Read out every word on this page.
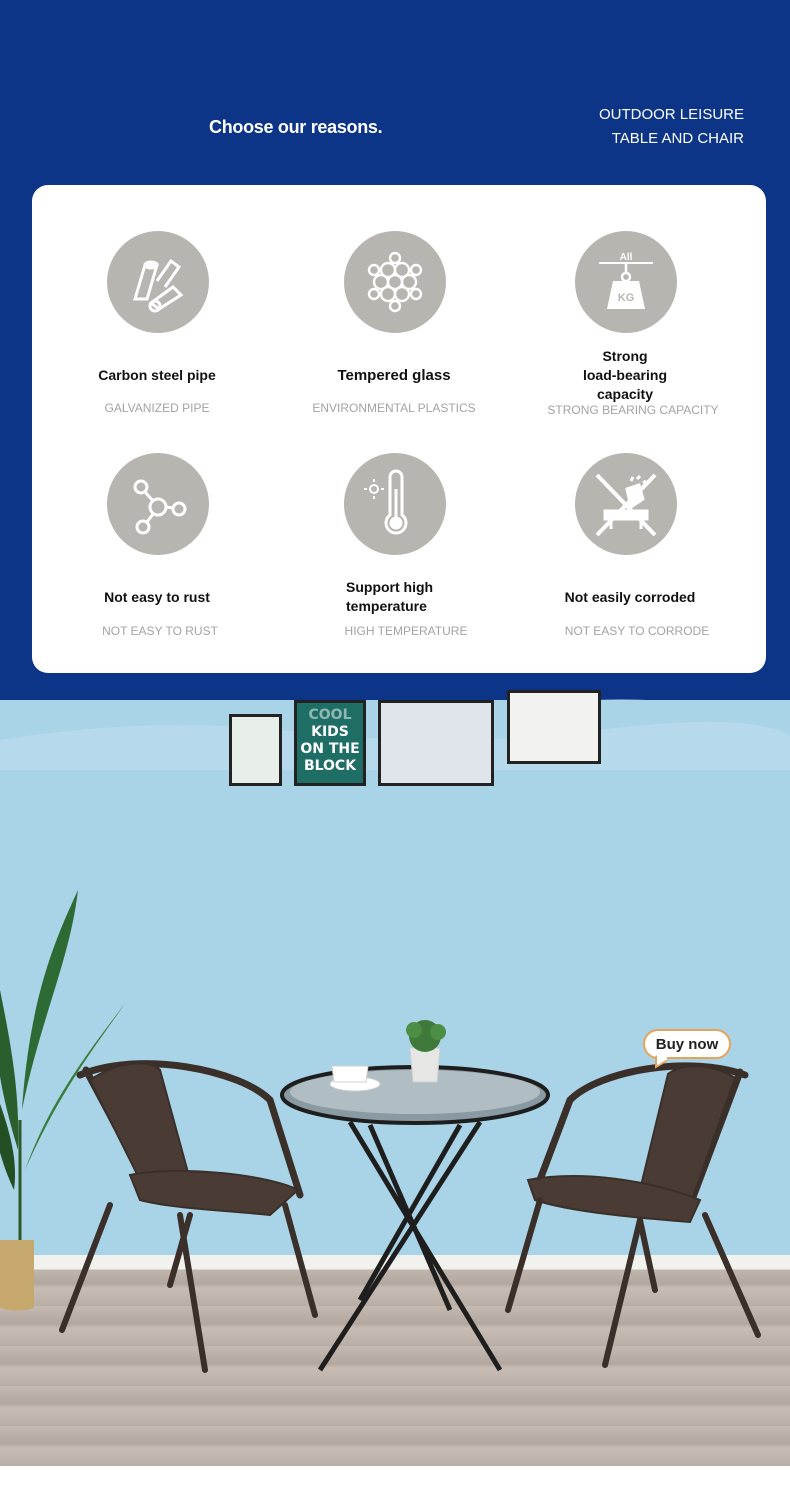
Choose our reasons.
OUTDOOR LEISURE
TABLE AND CHAIR
COOL
KIDS
ON THE
BLOCK
Buy now
Carbon steel pipe
GALVANIZED PIPE
Tempered glass
ENVIRONMENTAL PLASTICS
All
KG
Strong
load-bearing
capacity
STRONG BEARING CAPACITY
Not easy to rust
NOT EASY TO RUST
Support high
temperature
HIGH TEMPERATURE
Not easily corroded
NOT EASY TO CORRODE
